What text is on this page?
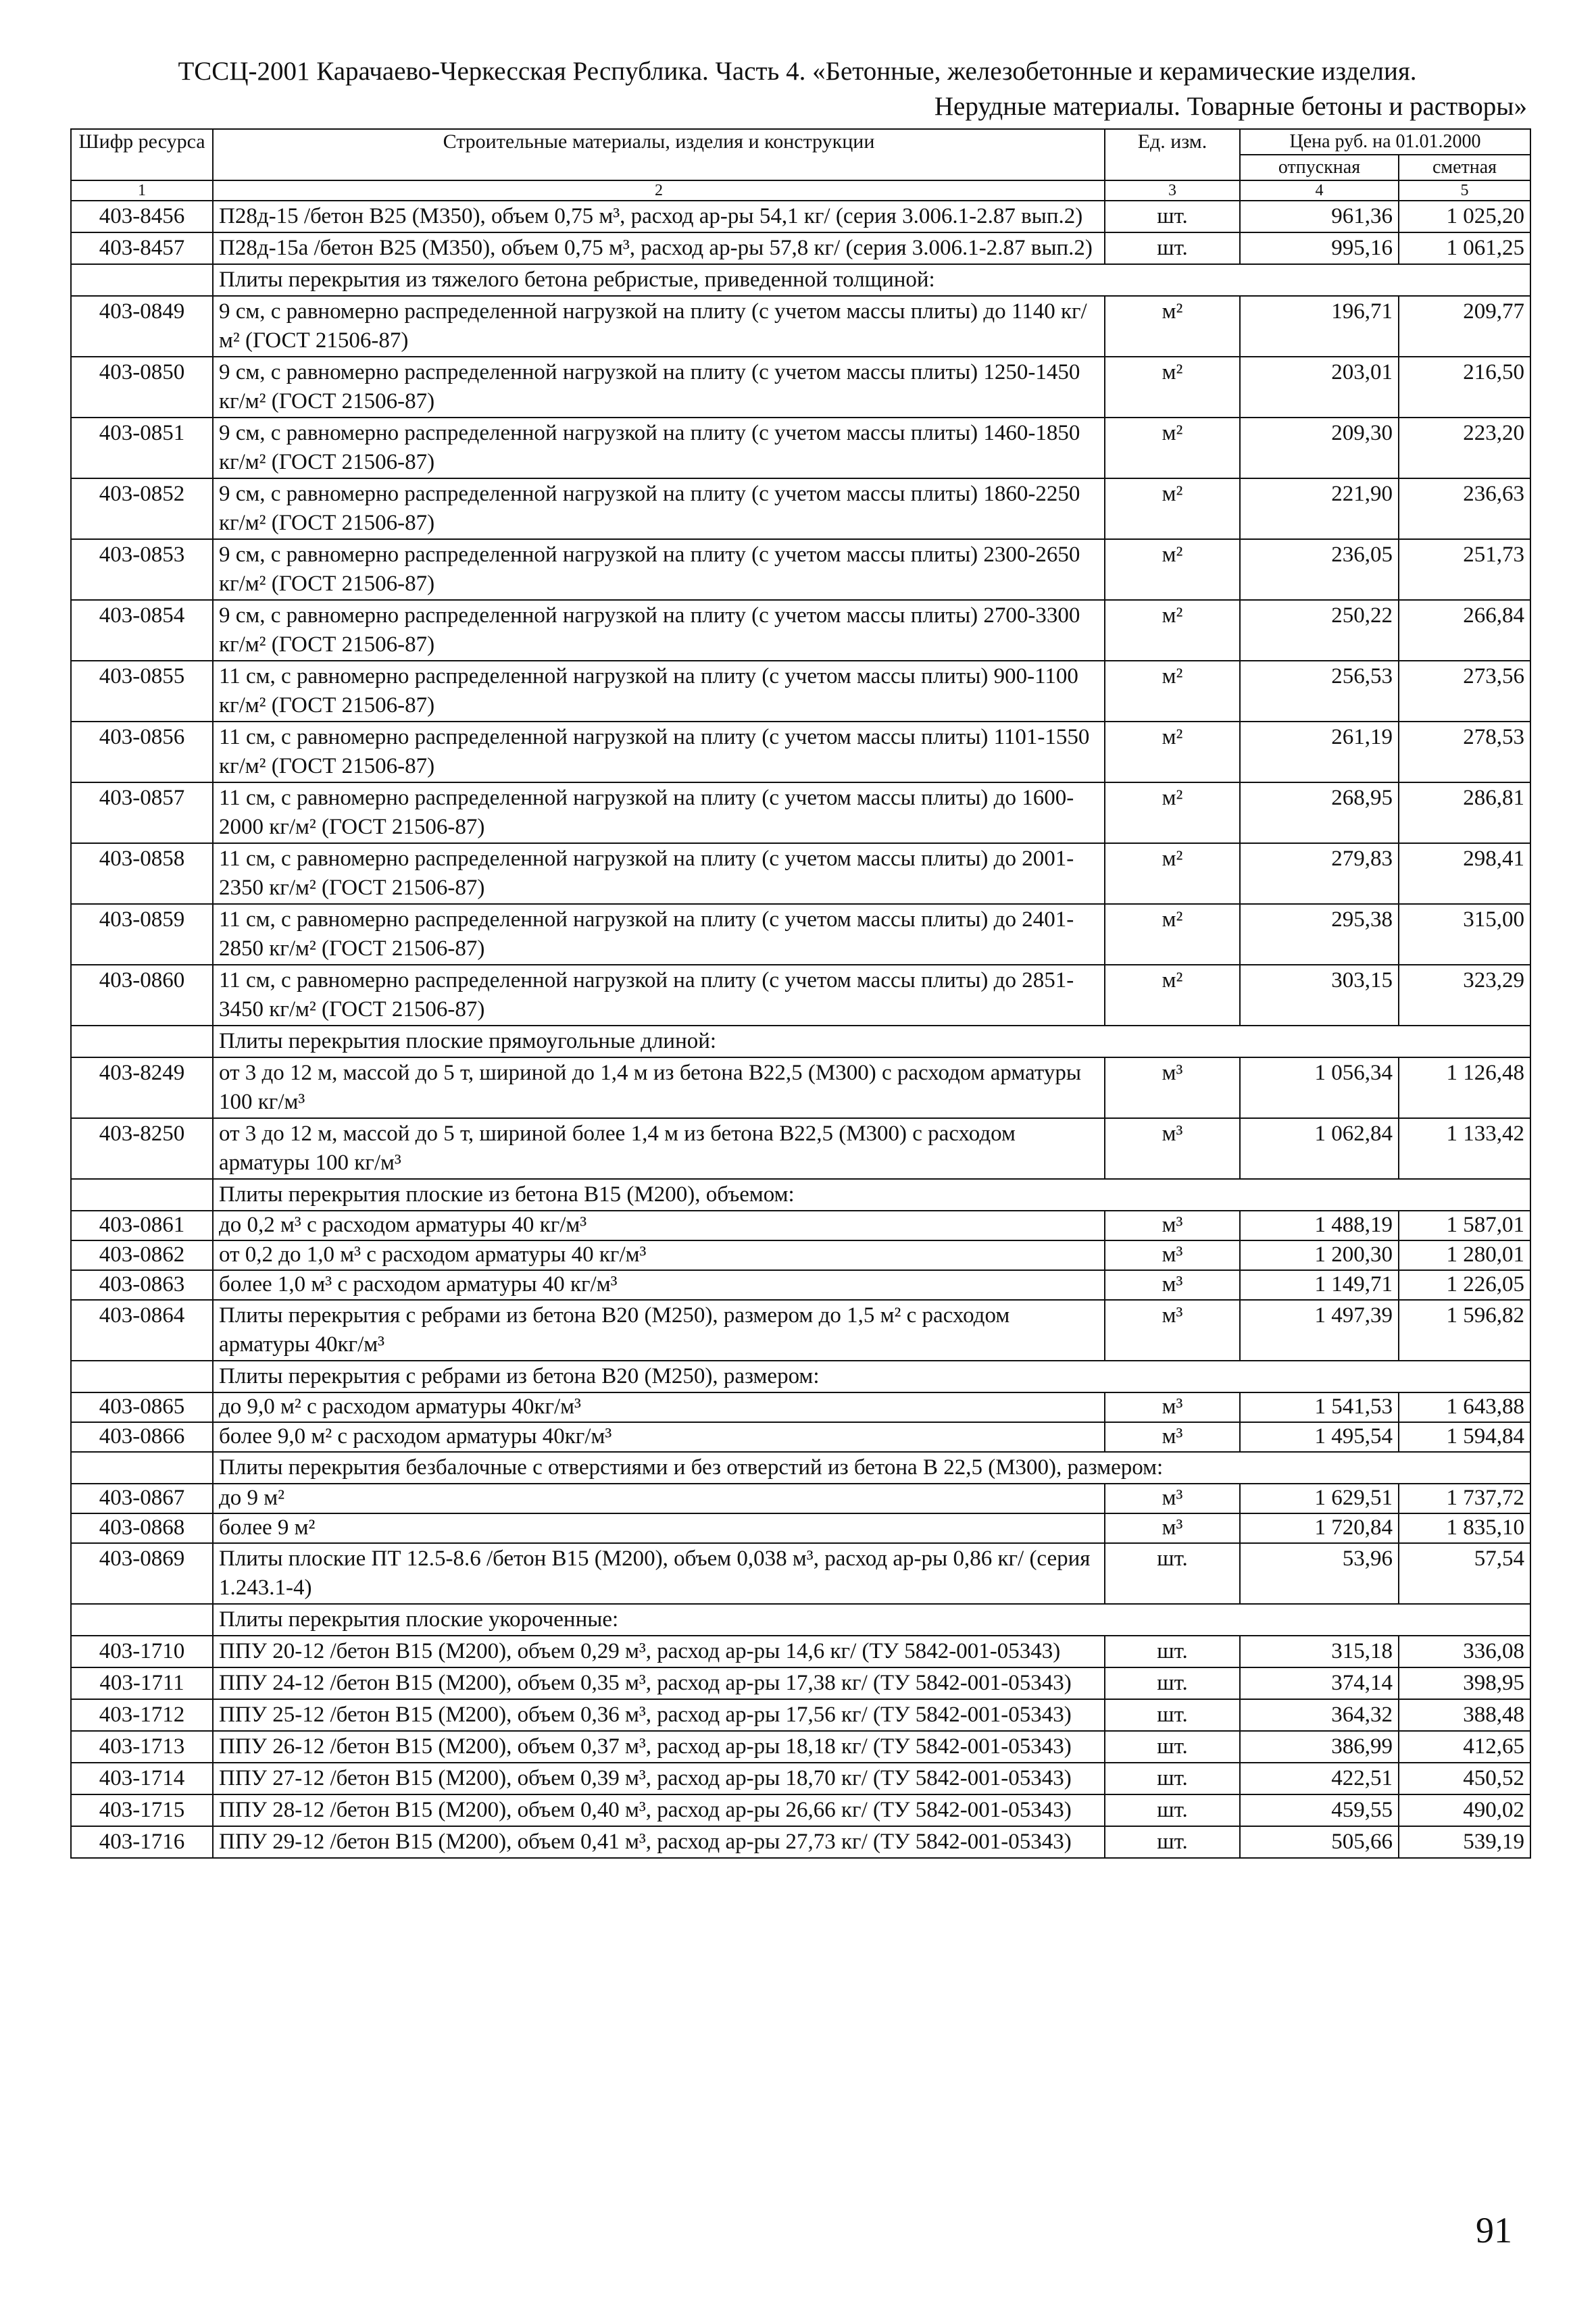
ТССЦ-2001 Карачаево-Черкесская Республика. Часть 4. «Бетонные, железобетонные и керамические изделия.
Нерудные материалы. Товарные бетоны и растворы»
Шифр ресурса	Строительные материалы, изделия и конструкции	Ед. изм.	Цена руб. на 01.01.2000	
			отпускная	сметная
1	2	3	4	5
403-8456	П28д-15 /бетон В25 (М350), объем 0,75 м³, расход ар-ры 54,1 кг/ (серия 3.006.1-2.87 вып.2)	шт.	961,36	1 025,20
403-8457	П28д-15а /бетон В25 (М350), объем 0,75 м³, расход ар-ры 57,8 кг/ (серия 3.006.1-2.87 вып.2)	шт.	995,16	1 061,25
	Плиты перекрытия из тяжелого бетона ребристые, приведенной толщиной:			
403-0849	9 см, с равномерно распределенной нагрузкой на плиту (с учетом массы плиты) до 1140 кг/м² (ГОСТ 21506-87)	м²	196,71	209,77
403-0850	9 см, с равномерно распределенной нагрузкой на плиту (с учетом массы плиты) 1250-1450 кг/м² (ГОСТ 21506-87)	м²	203,01	216,50
403-0851	9 см, с равномерно распределенной нагрузкой на плиту (с учетом массы плиты) 1460-1850 кг/м² (ГОСТ 21506-87)	м²	209,30	223,20
403-0852	9 см, с равномерно распределенной нагрузкой на плиту (с учетом массы плиты) 1860-2250 кг/м² (ГОСТ 21506-87)	м²	221,90	236,63
403-0853	9 см, с равномерно распределенной нагрузкой на плиту (с учетом массы плиты) 2300-2650 кг/м² (ГОСТ 21506-87)	м²	236,05	251,73
403-0854	9 см, с равномерно распределенной нагрузкой на плиту (с учетом массы плиты) 2700-3300 кг/м² (ГОСТ 21506-87)	м²	250,22	266,84
403-0855	11 см, с равномерно распределенной нагрузкой на плиту (с учетом массы плиты) 900-1100 кг/м² (ГОСТ 21506-87)	м²	256,53	273,56
403-0856	11 см, с равномерно распределенной нагрузкой на плиту (с учетом массы плиты) 1101-1550 кг/м² (ГОСТ 21506-87)	м²	261,19	278,53
403-0857	11 см, с равномерно распределенной нагрузкой на плиту (с учетом массы плиты) до 1600-2000 кг/м² (ГОСТ 21506-87)	м²	268,95	286,81
403-0858	11 см, с равномерно распределенной нагрузкой на плиту (с учетом массы плиты) до 2001-2350 кг/м² (ГОСТ 21506-87)	м²	279,83	298,41
403-0859	11 см, с равномерно распределенной нагрузкой на плиту (с учетом массы плиты) до 2401-2850 кг/м² (ГОСТ 21506-87)	м²	295,38	315,00
403-0860	11 см, с равномерно распределенной нагрузкой на плиту (с учетом массы плиты) до 2851-3450 кг/м² (ГОСТ 21506-87)	м²	303,15	323,29
	Плиты перекрытия плоские прямоугольные длиной:			
403-8249	от 3 до 12 м, массой до 5 т, шириной до 1,4 м из бетона В22,5 (М300) с расходом арматуры 100 кг/м³	м³	1 056,34	1 126,48
403-8250	от 3 до 12 м, массой до 5 т, шириной более 1,4 м из бетона В22,5 (М300) с расходом арматуры 100 кг/м³	м³	1 062,84	1 133,42
	Плиты перекрытия плоские из бетона В15 (М200), объемом:			
403-0861	до 0,2 м³ с расходом арматуры 40 кг/м³	м³	1 488,19	1 587,01
403-0862	от 0,2 до 1,0 м³ с расходом арматуры 40 кг/м³	м³	1 200,30	1 280,01
403-0863	более 1,0 м³ с расходом арматуры 40 кг/м³	м³	1 149,71	1 226,05
403-0864	Плиты перекрытия с ребрами из бетона В20 (М250), размером до 1,5 м² с расходом арматуры 40кг/м³	м³	1 497,39	1 596,82
	Плиты перекрытия с ребрами из бетона В20 (М250), размером:			
403-0865	до 9,0 м² с расходом арматуры 40кг/м³	м³	1 541,53	1 643,88
403-0866	более 9,0 м² с расходом арматуры 40кг/м³	м³	1 495,54	1 594,84
	Плиты перекрытия безбалочные с отверстиями и без отверстий из бетона В 22,5 (М300), размером:			
403-0867	до 9 м²	м³	1 629,51	1 737,72
403-0868	более 9 м²	м³	1 720,84	1 835,10
403-0869	Плиты плоские ПТ 12.5-8.6 /бетон В15 (М200), объем 0,038 м³, расход ар-ры 0,86 кг/ (серия 1.243.1-4)	шт.	53,96	57,54
	Плиты перекрытия плоские укороченные:			
403-1710	ППУ 20-12 /бетон В15 (М200), объем 0,29 м³, расход ар-ры 14,6 кг/ (ТУ 5842-001-05343)	шт.	315,18	336,08
403-1711	ППУ 24-12 /бетон В15 (М200), объем 0,35 м³, расход ар-ры 17,38 кг/ (ТУ 5842-001-05343)	шт.	374,14	398,95
403-1712	ППУ 25-12 /бетон В15 (М200), объем 0,36 м³, расход ар-ры 17,56 кг/ (ТУ 5842-001-05343)	шт.	364,32	388,48
403-1713	ППУ 26-12 /бетон В15 (М200), объем 0,37 м³, расход ар-ры 18,18 кг/ (ТУ 5842-001-05343)	шт.	386,99	412,65
403-1714	ППУ 27-12 /бетон В15 (М200), объем 0,39 м³, расход ар-ры 18,70 кг/ (ТУ 5842-001-05343)	шт.	422,51	450,52
403-1715	ППУ 28-12 /бетон В15 (М200), объем 0,40 м³, расход ар-ры 26,66 кг/ (ТУ 5842-001-05343)	шт.	459,55	490,02
403-1716	ППУ 29-12 /бетон В15 (М200), объем 0,41 м³, расход ар-ры 27,73 кг/ (ТУ 5842-001-05343)	шт.	505,66	539,19
91
